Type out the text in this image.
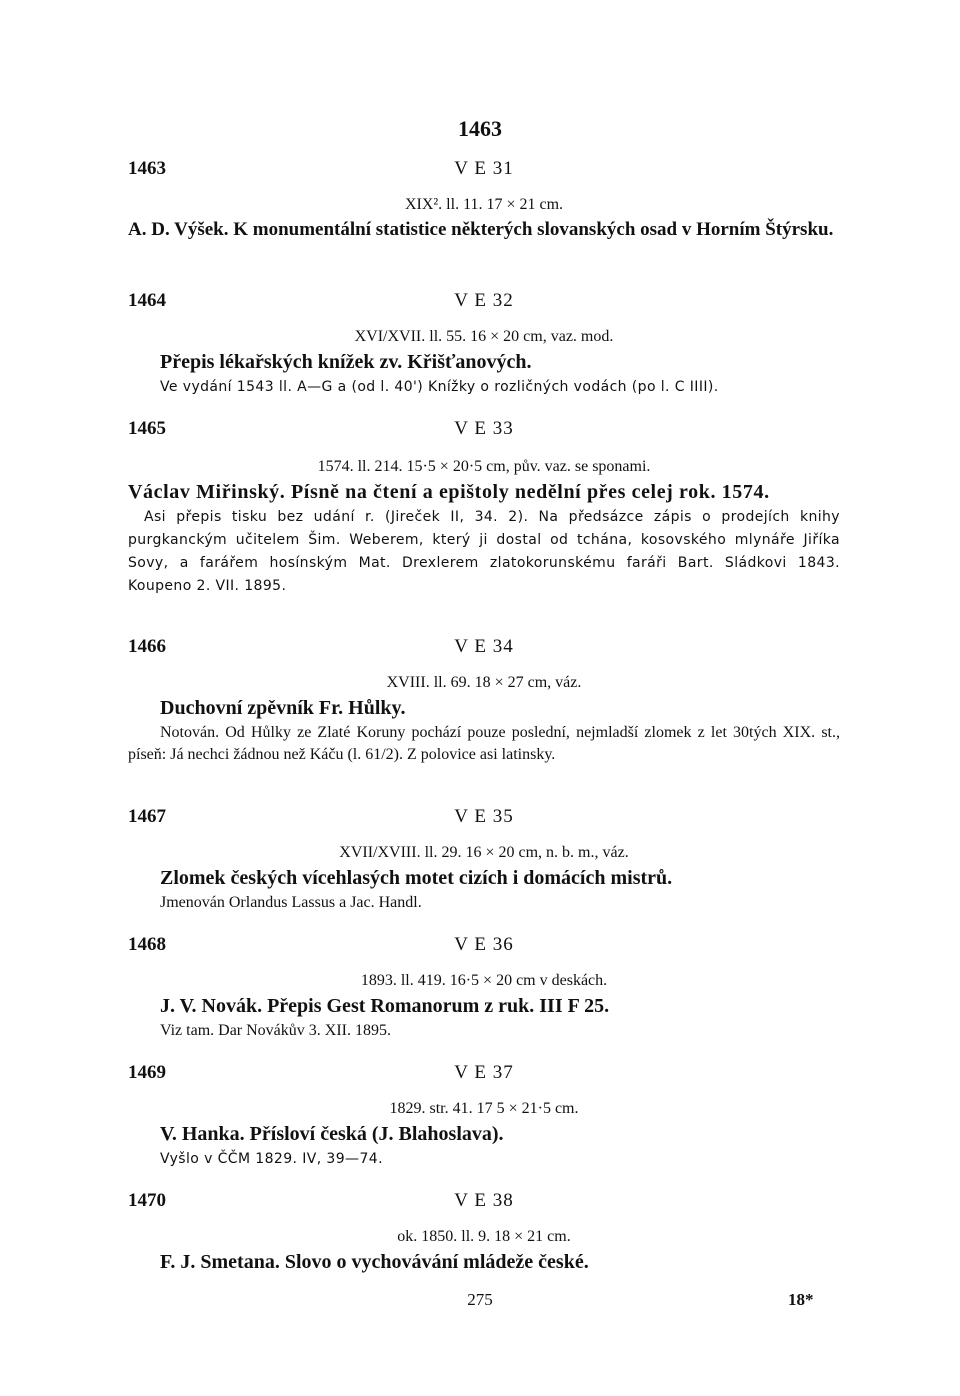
1463
1463	V E 31
XIX². ll. 11. 17 × 21 cm.
A. D. Výšek. K monumentální statistice některých slovanských osad v Horním Štýrsku.
1464	V E 32
XVI/XVII. ll. 55. 16 × 20 cm, vaz. mod.
Přepis lékařských knížek zv. Křišťanových.
Ve vydání 1543 ll. A—G a (od l. 40') Knížky o rozličných vodách (po l. C IIII).
1465	V E 33
1574. ll. 214. 15·5 × 20·5 cm, pův. vaz. se sponami.
Václav Miřinský. Písně na čtení a epištoly nedělní přes celej rok. 1574.
Asi přepis tisku bez udání r. (Jireček II, 34. 2). Na předsázce zápis o prodejích knihy purgkanckým učitelem Šim. Weberem, který ji dostal od tchána, kosovského mlynáře Jiříka Sovy, a farářem hosínským Mat. Drexlerem zlatokorunskému faráři Bart. Sládkovi 1843. Koupeno 2. VII. 1895.
1466	V E 34
XVIII. ll. 69. 18 × 27 cm, váz.
Duchovní zpěvník Fr. Hůlky.
Notován. Od Hůlky ze Zlaté Koruny pochází pouze poslední, nejmladší zlomek z let 30tých XIX. st., píseň: Já nechci žádnou než Káču (l. 61/2). Z polovice asi latinsky.
1467	V E 35
XVII/XVIII. ll. 29. 16 × 20 cm, n. b. m., váz.
Zlomek českých vícehlasých motet cizích i domácích mistrů.
Jmenován Orlandus Lassus a Jac. Handl.
1468	V E 36
1893. ll. 419. 16·5 × 20 cm v deskách.
J. V. Novák. Přepis Gest Romanorum z ruk. III F 25.
Viz tam. Dar Novákův 3. XII. 1895.
1469	V E 37
1829. str. 41. 17 5 × 21·5 cm.
V. Hanka. Přísloví česká (J. Blahoslava).
Vyšlo v ČČM 1829. IV, 39—74.
1470	V E 38
ok. 1850. ll. 9. 18 × 21 cm.
F. J. Smetana. Slovo o vychovávání mládeže české.
275	18*
